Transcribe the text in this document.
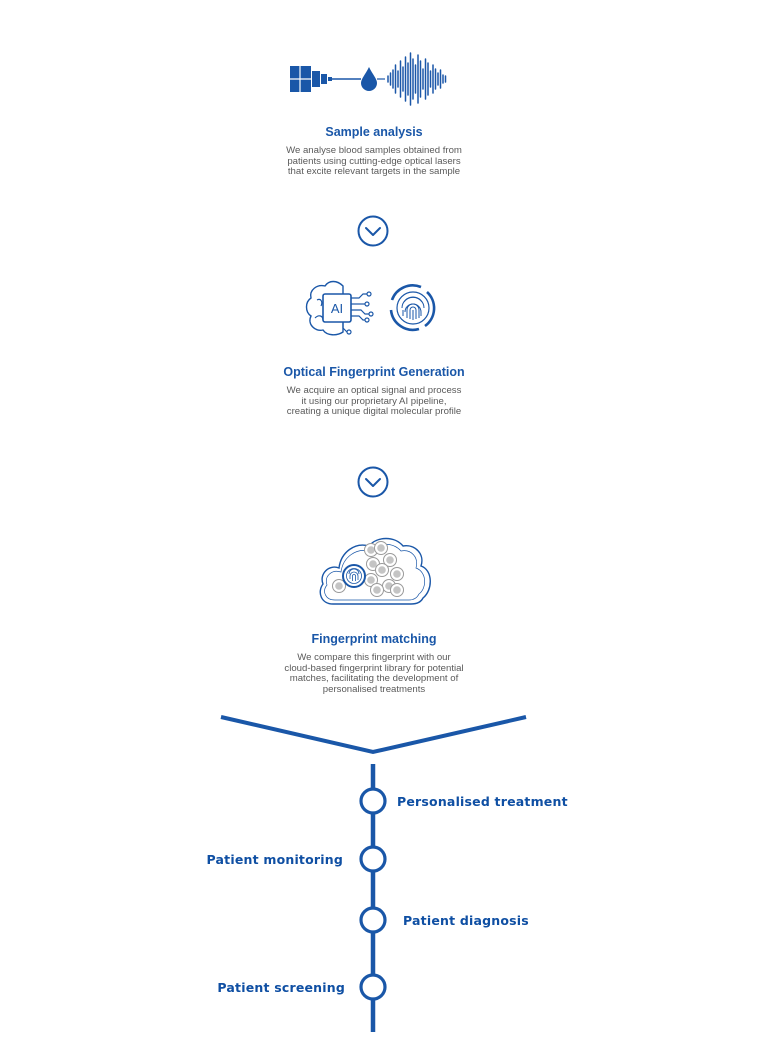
Sample analysis
We analyse blood samples obtained from patients using cutting-edge optical lasers that excite relevant targets in the sample
AI
Optical Fingerprint Generation
We acquire an optical signal and process it using our proprietary AI pipeline, creating a unique digital molecular profile
Fingerprint matching
We compare this fingerprint with our cloud-based fingerprint library for potential matches, facilitating the development of personalised treatments
Personalised treatment
Patient monitoring
Patient diagnosis
Patient screening
